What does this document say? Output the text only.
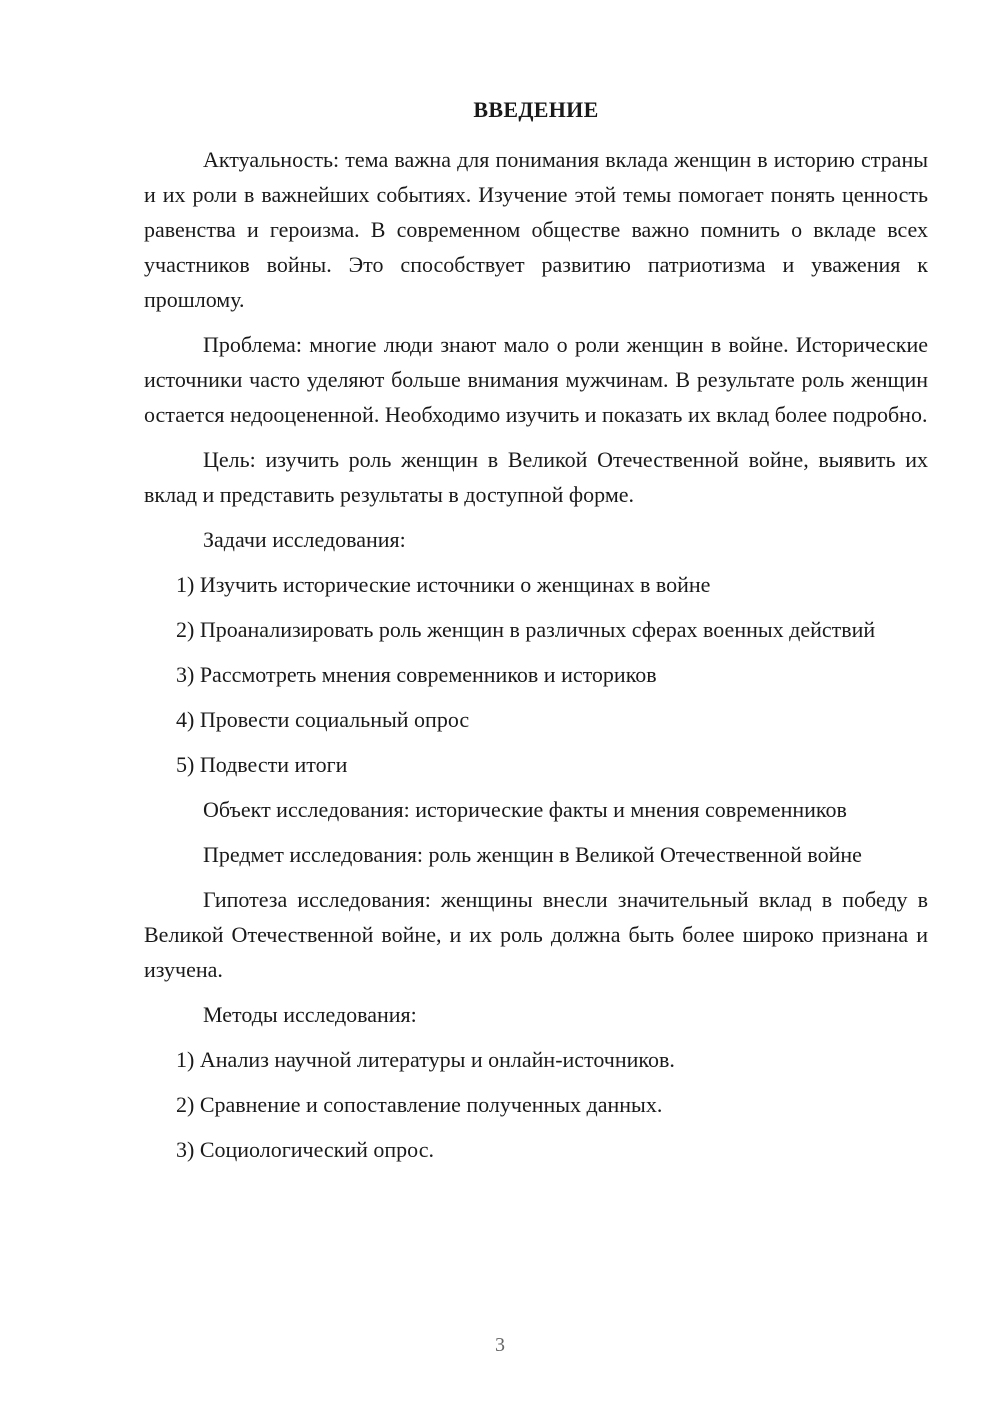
ВВЕДЕНИЕ

Актуальность: тема важна для понимания вклада женщин в историю страны и их роли в важнейших событиях. Изучение этой темы помогает понять ценность равенства и героизма. В современном обществе важно помнить о вкладе всех участников войны. Это способствует развитию патриотизма и уважения к прошлому.

Проблема: многие люди знают мало о роли женщин в войне. Исторические источники часто уделяют больше внимания мужчинам. В результате роль женщин остается недооцененной. Необходимо изучить и показать их вклад более подробно.

Цель: изучить роль женщин в Великой Отечественной войне, выявить их вклад и представить результаты в доступной форме.

Задачи исследования:

1) Изучить исторические источники о женщинах в войне

2) Проанализировать роль женщин в различных сферах военных действий

3) Рассмотреть мнения современников и историков

4) Провести социальный опрос

5) Подвести итоги

Объект исследования: исторические факты и мнения современников

Предмет исследования: роль женщин в Великой Отечественной войне

Гипотеза исследования: женщины внесли значительный вклад в победу в Великой Отечественной войне, и их роль должна быть более широко признана и изучена.

Методы исследования:

1) Анализ научной литературы и онлайн-источников.

2) Сравнение и сопоставление полученных данных.

3) Социологический опрос.

3
